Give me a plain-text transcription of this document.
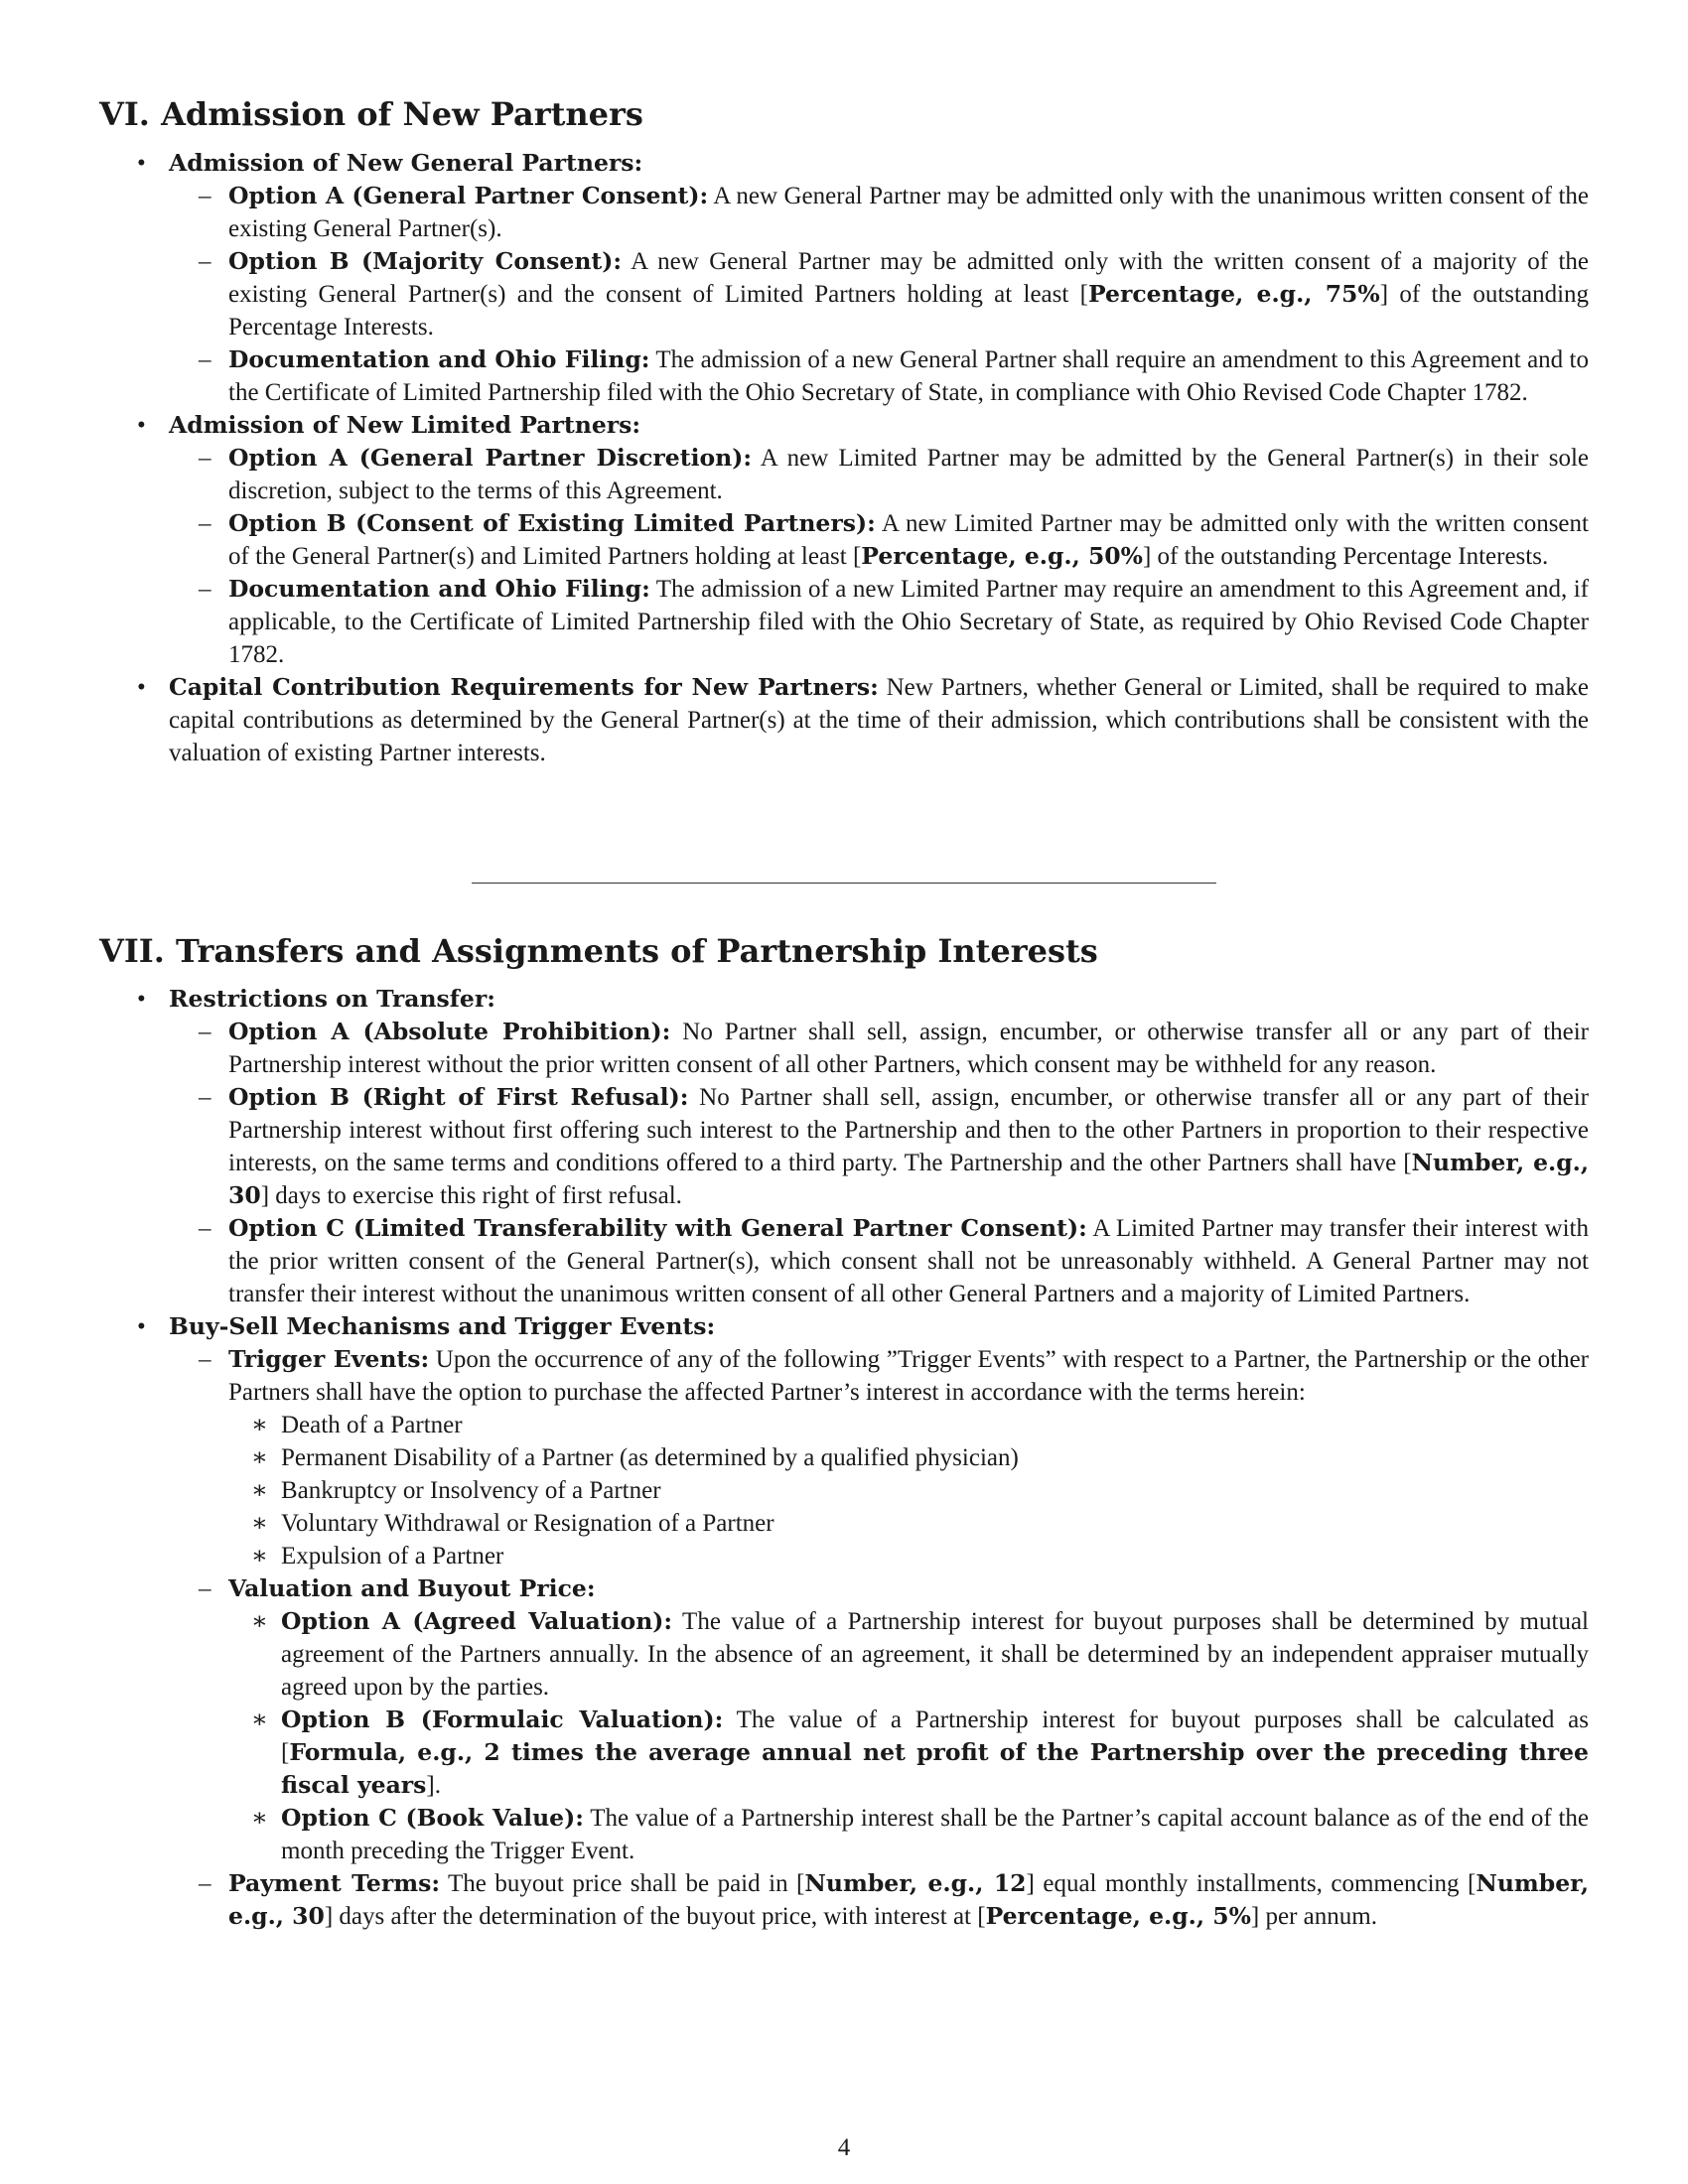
VI. Admission of New Partners
• Admission of New General Partners:
– Option A (General Partner Consent): A new General Partner may be admitted only with the unanimous written consent of the existing General Partner(s).
– Option B (Majority Consent): A new General Partner may be admitted only with the written consent of a majority of the existing General Partner(s) and the consent of Limited Partners holding at least [Percentage, e.g., 75%] of the outstanding Percentage Interests.
– Documentation and Ohio Filing: The admission of a new General Partner shall require an amendment to this Agreement and to the Certificate of Limited Partnership filed with the Ohio Secretary of State, in compliance with Ohio Revised Code Chapter 1782.
• Admission of New Limited Partners:
– Option A (General Partner Discretion): A new Limited Partner may be admitted by the General Partner(s) in their sole discretion, subject to the terms of this Agreement.
– Option B (Consent of Existing Limited Partners): A new Limited Partner may be admitted only with the written consent of the General Partner(s) and Limited Partners holding at least [Percentage, e.g., 50%] of the outstanding Percentage Interests.
– Documentation and Ohio Filing: The admission of a new Limited Partner may require an amendment to this Agreement and, if applicable, to the Certificate of Limited Partnership filed with the Ohio Secretary of State, as required by Ohio Revised Code Chapter 1782.
• Capital Contribution Requirements for New Partners: New Partners, whether General or Limited, shall be required to make capital contributions as determined by the General Partner(s) at the time of their admission, which contributions shall be consistent with the valuation of existing Partner interests.
VII. Transfers and Assignments of Partnership Interests
• Restrictions on Transfer:
– Option A (Absolute Prohibition): No Partner shall sell, assign, encumber, or otherwise transfer all or any part of their Partnership interest without the prior written consent of all other Partners, which consent may be withheld for any reason.
– Option B (Right of First Refusal): No Partner shall sell, assign, encumber, or otherwise transfer all or any part of their Partnership interest without first offering such interest to the Partnership and then to the other Partners in proportion to their respective interests, on the same terms and conditions offered to a third party. The Partnership and the other Partners shall have [Number, e.g., 30] days to exercise this right of first refusal.
– Option C (Limited Transferability with General Partner Consent): A Limited Partner may transfer their interest with the prior written consent of the General Partner(s), which consent shall not be unreasonably withheld. A General Partner may not transfer their interest without the unanimous written consent of all other General Partners and a majority of Limited Partners.
• Buy-Sell Mechanisms and Trigger Events:
– Trigger Events: Upon the occurrence of any of the following ”Trigger Events” with respect to a Partner, the Partnership or the other Partners shall have the option to purchase the affected Partner’s interest in accordance with the terms herein:
∗ Death of a Partner
∗ Permanent Disability of a Partner (as determined by a qualified physician)
∗ Bankruptcy or Insolvency of a Partner
∗ Voluntary Withdrawal or Resignation of a Partner
∗ Expulsion of a Partner
– Valuation and Buyout Price:
∗ Option A (Agreed Valuation): The value of a Partnership interest for buyout purposes shall be determined by mutual agreement of the Partners annually. In the absence of an agreement, it shall be determined by an independent appraiser mutually agreed upon by the parties.
∗ Option B (Formulaic Valuation): The value of a Partnership interest for buyout purposes shall be calculated as [Formula, e.g., 2 times the average annual net profit of the Partnership over the preceding three fiscal years].
∗ Option C (Book Value): The value of a Partnership interest shall be the Partner’s capital account balance as of the end of the month preceding the Trigger Event.
– Payment Terms: The buyout price shall be paid in [Number, e.g., 12] equal monthly installments, commencing [Number, e.g., 30] days after the determination of the buyout price, with interest at [Percentage, e.g., 5%] per annum.
4
